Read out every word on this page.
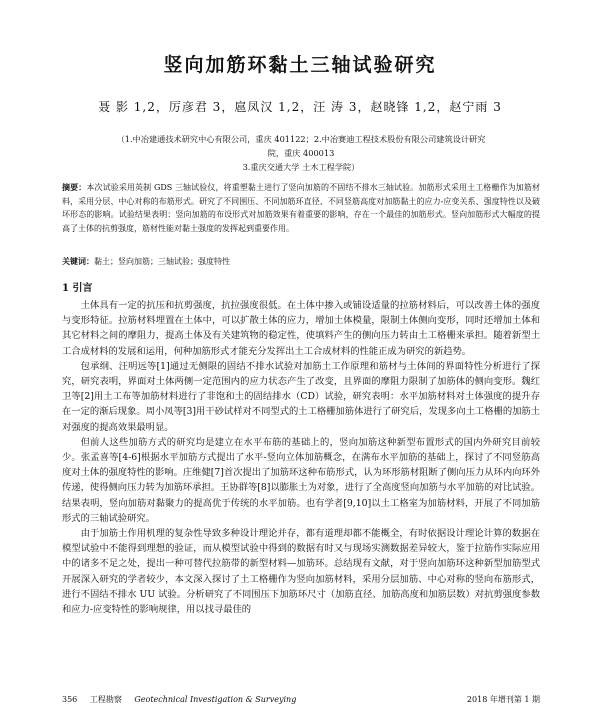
竖向加筋环黏土三轴试验研究
聂 影 1,2，厉彦君 3，扈凤汉 1,2，汪 涛 3，赵晓锋 1,2，赵宁雨 3
（1.中冶建通技术研究中心有限公司，重庆 401122；2.中冶赛迪工程技术股份有限公司建筑设计研究
院，重庆 400013
3.重庆交通大学 土木工程学院）
摘要：本次试验采用英制 GDS 三轴试验仪，将重塑黏土进行了竖向加筋的不固结不排水三轴试验。加筋形式采用土工格栅作为加筋材料，采用分层、中心对称的布筋形式。研究了不同围压、不同加筋环直径、不同竖筋高度对加筋黏土的应力-应变关系、强度特性以及破坏形态的影响。试验结果表明：竖向加筋的布设形式对加筋效果有着重要的影响，存在一个最佳的加筋形式。竖向加筋形式大幅度的提高了土体的抗剪强度，筋材性能对黏土强度的发挥起到重要作用。
关键词：黏土；竖向加筋；三轴试验；强度特性
1 引言

土体具有一定的抗压和抗剪强度，抗拉强度很低。在土体中掺入或铺设适量的拉筋材料后，可以改善土体的强度与变形特征。拉筋材料埋置在土体中，可以扩散土体的应力，增加土体模量，限制土体侧向变形，同时还增加土体和其它材料之间的摩阻力，提高土体及有关建筑物的稳定性，使填料产生的侧向压力转由土工格栅来承担。随着新型土工合成材料的发展和运用，何种加筋形式才能充分发挥出土工合成材料的性能正成为研究的新趋势。

包承纲、汪明远等[1]通过无侧限的固结不排水试验对加筋土工作原理和筋材与土体间的界面特性分析进行了探究，研究表明，界面对土体两侧一定范围内的应力状态产生了改变，且界面的摩阻力限制了加筋体的侧向变形。魏红卫等[2]用土工布等加筋材料进行了非饱和土的固结排水（CD）试验，研究表明：水平加筋材料对土体强度的提升存在一定的渐后现象。周小凤等[3]用干砂试样对不同型式的土工格栅加筋体进行了研究后，发现多向土工格栅的加筋土对强度的提高效果最明显。

但前人这些加筋方式的研究均是建立在水平布筋的基础上的，竖向加筋这种新型布置形式的国内外研究目前较少。张孟喜等[4-6]根据水平加筋方式提出了水平-竖向立体加筋概念，在满布水平加筋的基础上，探讨了不同竖筋高度对土体的强度特性的影响。庄维健[7]首次提出了加筋环这种布筋形式，认为环形筋材阻断了侧向压力从环内向环外传递，使得侧向压力转为加筋环承担。王协群等[8]以膨胀土为对象，进行了全高度竖向加筋与水平加筋的对比试验。结果表明，竖向加筋对黏聚力的提高优于传统的水平加筋。也有学者[9,10]以土工格室为加筋材料，开展了不同加筋形式的三轴试验研究。

由于加筋土作用机理的复杂性导致多种设计理论并存，都有道理却都不能概全，有时依据设计理论计算的数据在模型试验中不能得到理想的验证，而从模型试验中得到的数据有时又与现场实测数据差异较大，鉴于拉筋作实际应用中的诸多不足之处，提出一种可替代拉筋带的新型材料—加筋环。总结现有文献，对于竖向加筋环这种新型加筋型式开展深入研究的学者较少，本文深入探讨了土工格栅作为竖向加筋材料，采用分层加筋、中心对称的竖向布筋形式，进行不固结不排水 UU 试验。分析研究了不同围压下加筋环尺寸（加筋直径、加筋高度和加筋层数）对抗剪强度参数和应力-应变特性的影响规律，用以找寻最佳的

356 工程勘察 Geotechnical Investigation & Surveying	2018 年增刊第 1 期
